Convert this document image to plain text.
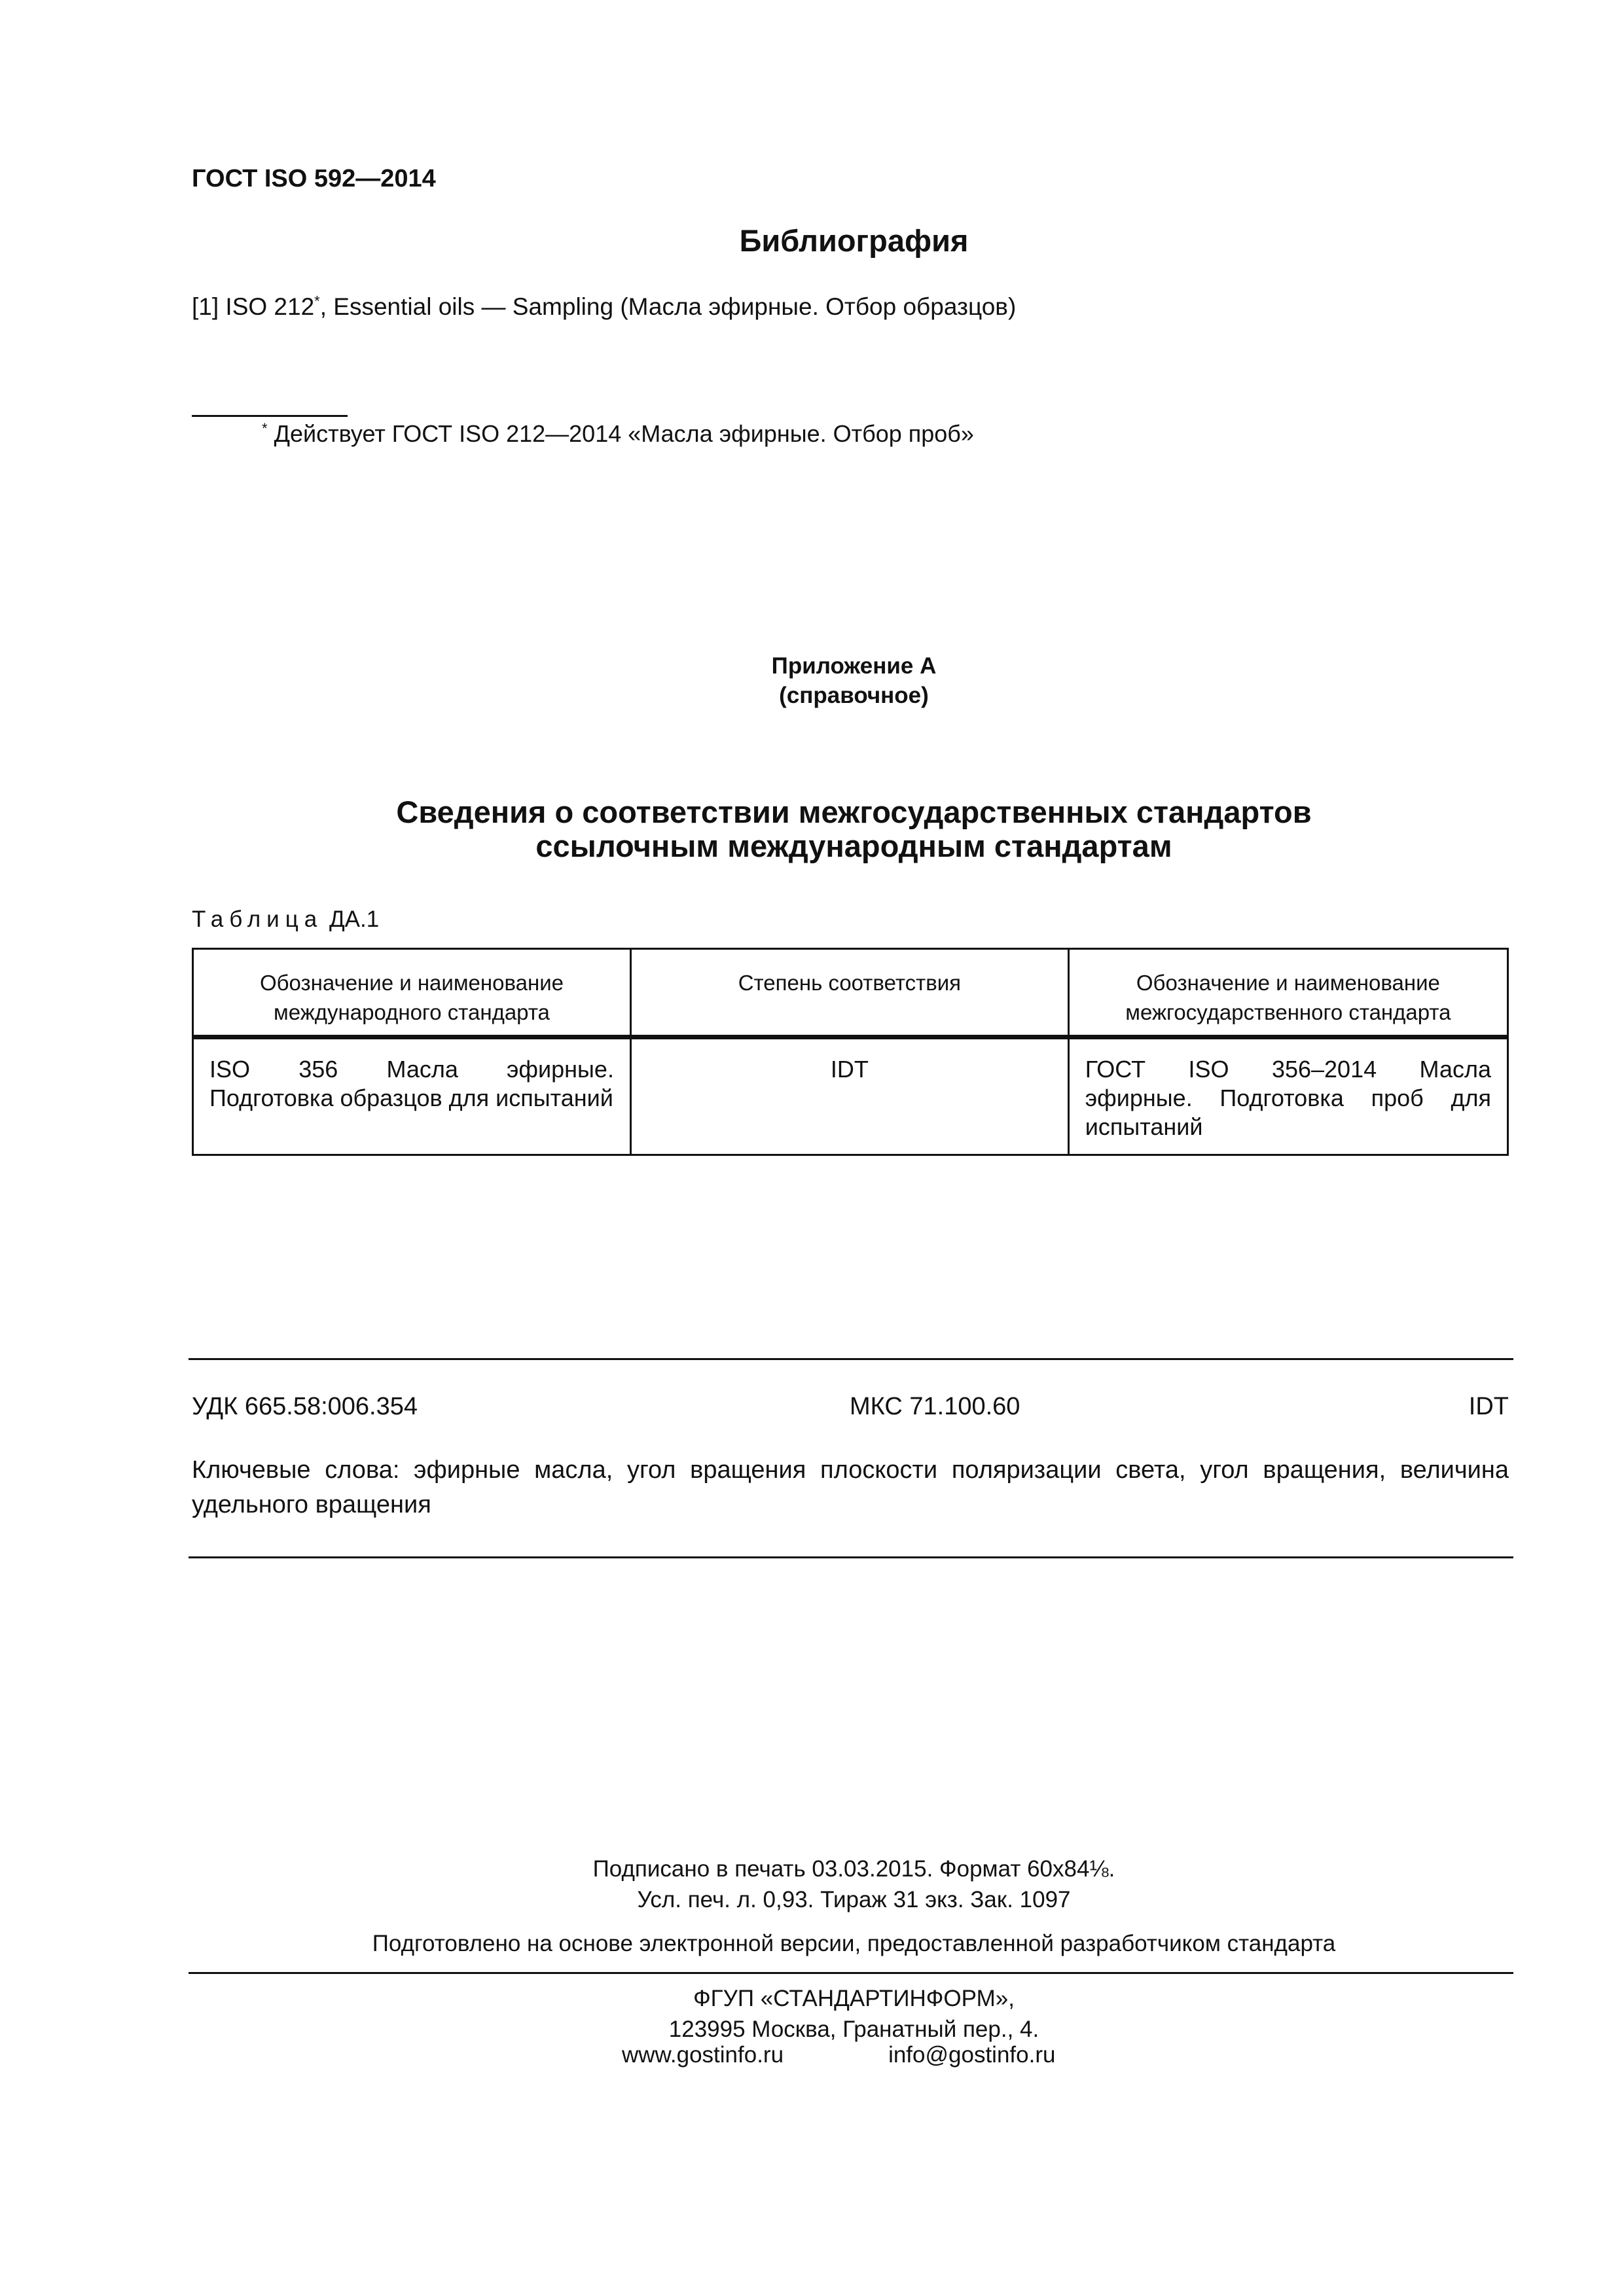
ГОСТ ISO 592—2014
Библиография
[1] ISO 212*, Essential oils — Sampling (Масла эфирные. Отбор образцов)
* Действует ГОСТ ISO 212—2014 «Масла эфирные. Отбор проб»
Приложение А
(справочное)
Сведения о соответствии межгосударственных стандартов
ссылочным международным стандартам
Таблица ДА.1
Обозначение и наименование международного стандарта	Степень соответствия	Обозначение и наименование межгосударственного стандарта
ISO 356 Масла эфирные. Подготовка образцов для испытаний	IDT	ГОСТ ISO 356–2014 Масла эфирные. Подготовка проб для испытаний
УДК 665.58:006.354	МКС 71.100.60	IDT
Ключевые слова: эфирные масла, угол вращения плоскости поляризации света, угол вращения, величина удельного вращения
Подписано в печать 03.03.2015. Формат 60x84⅛.
Усл. печ. л. 0,93. Тираж 31 экз. Зак. 1097
Подготовлено на основе электронной версии, предоставленной разработчиком стандарта
ФГУП «СТАНДАРТИНФОРМ»,
123995 Москва, Гранатный пер., 4.
www.gostinfo.ru	info@gostinfo.ru
